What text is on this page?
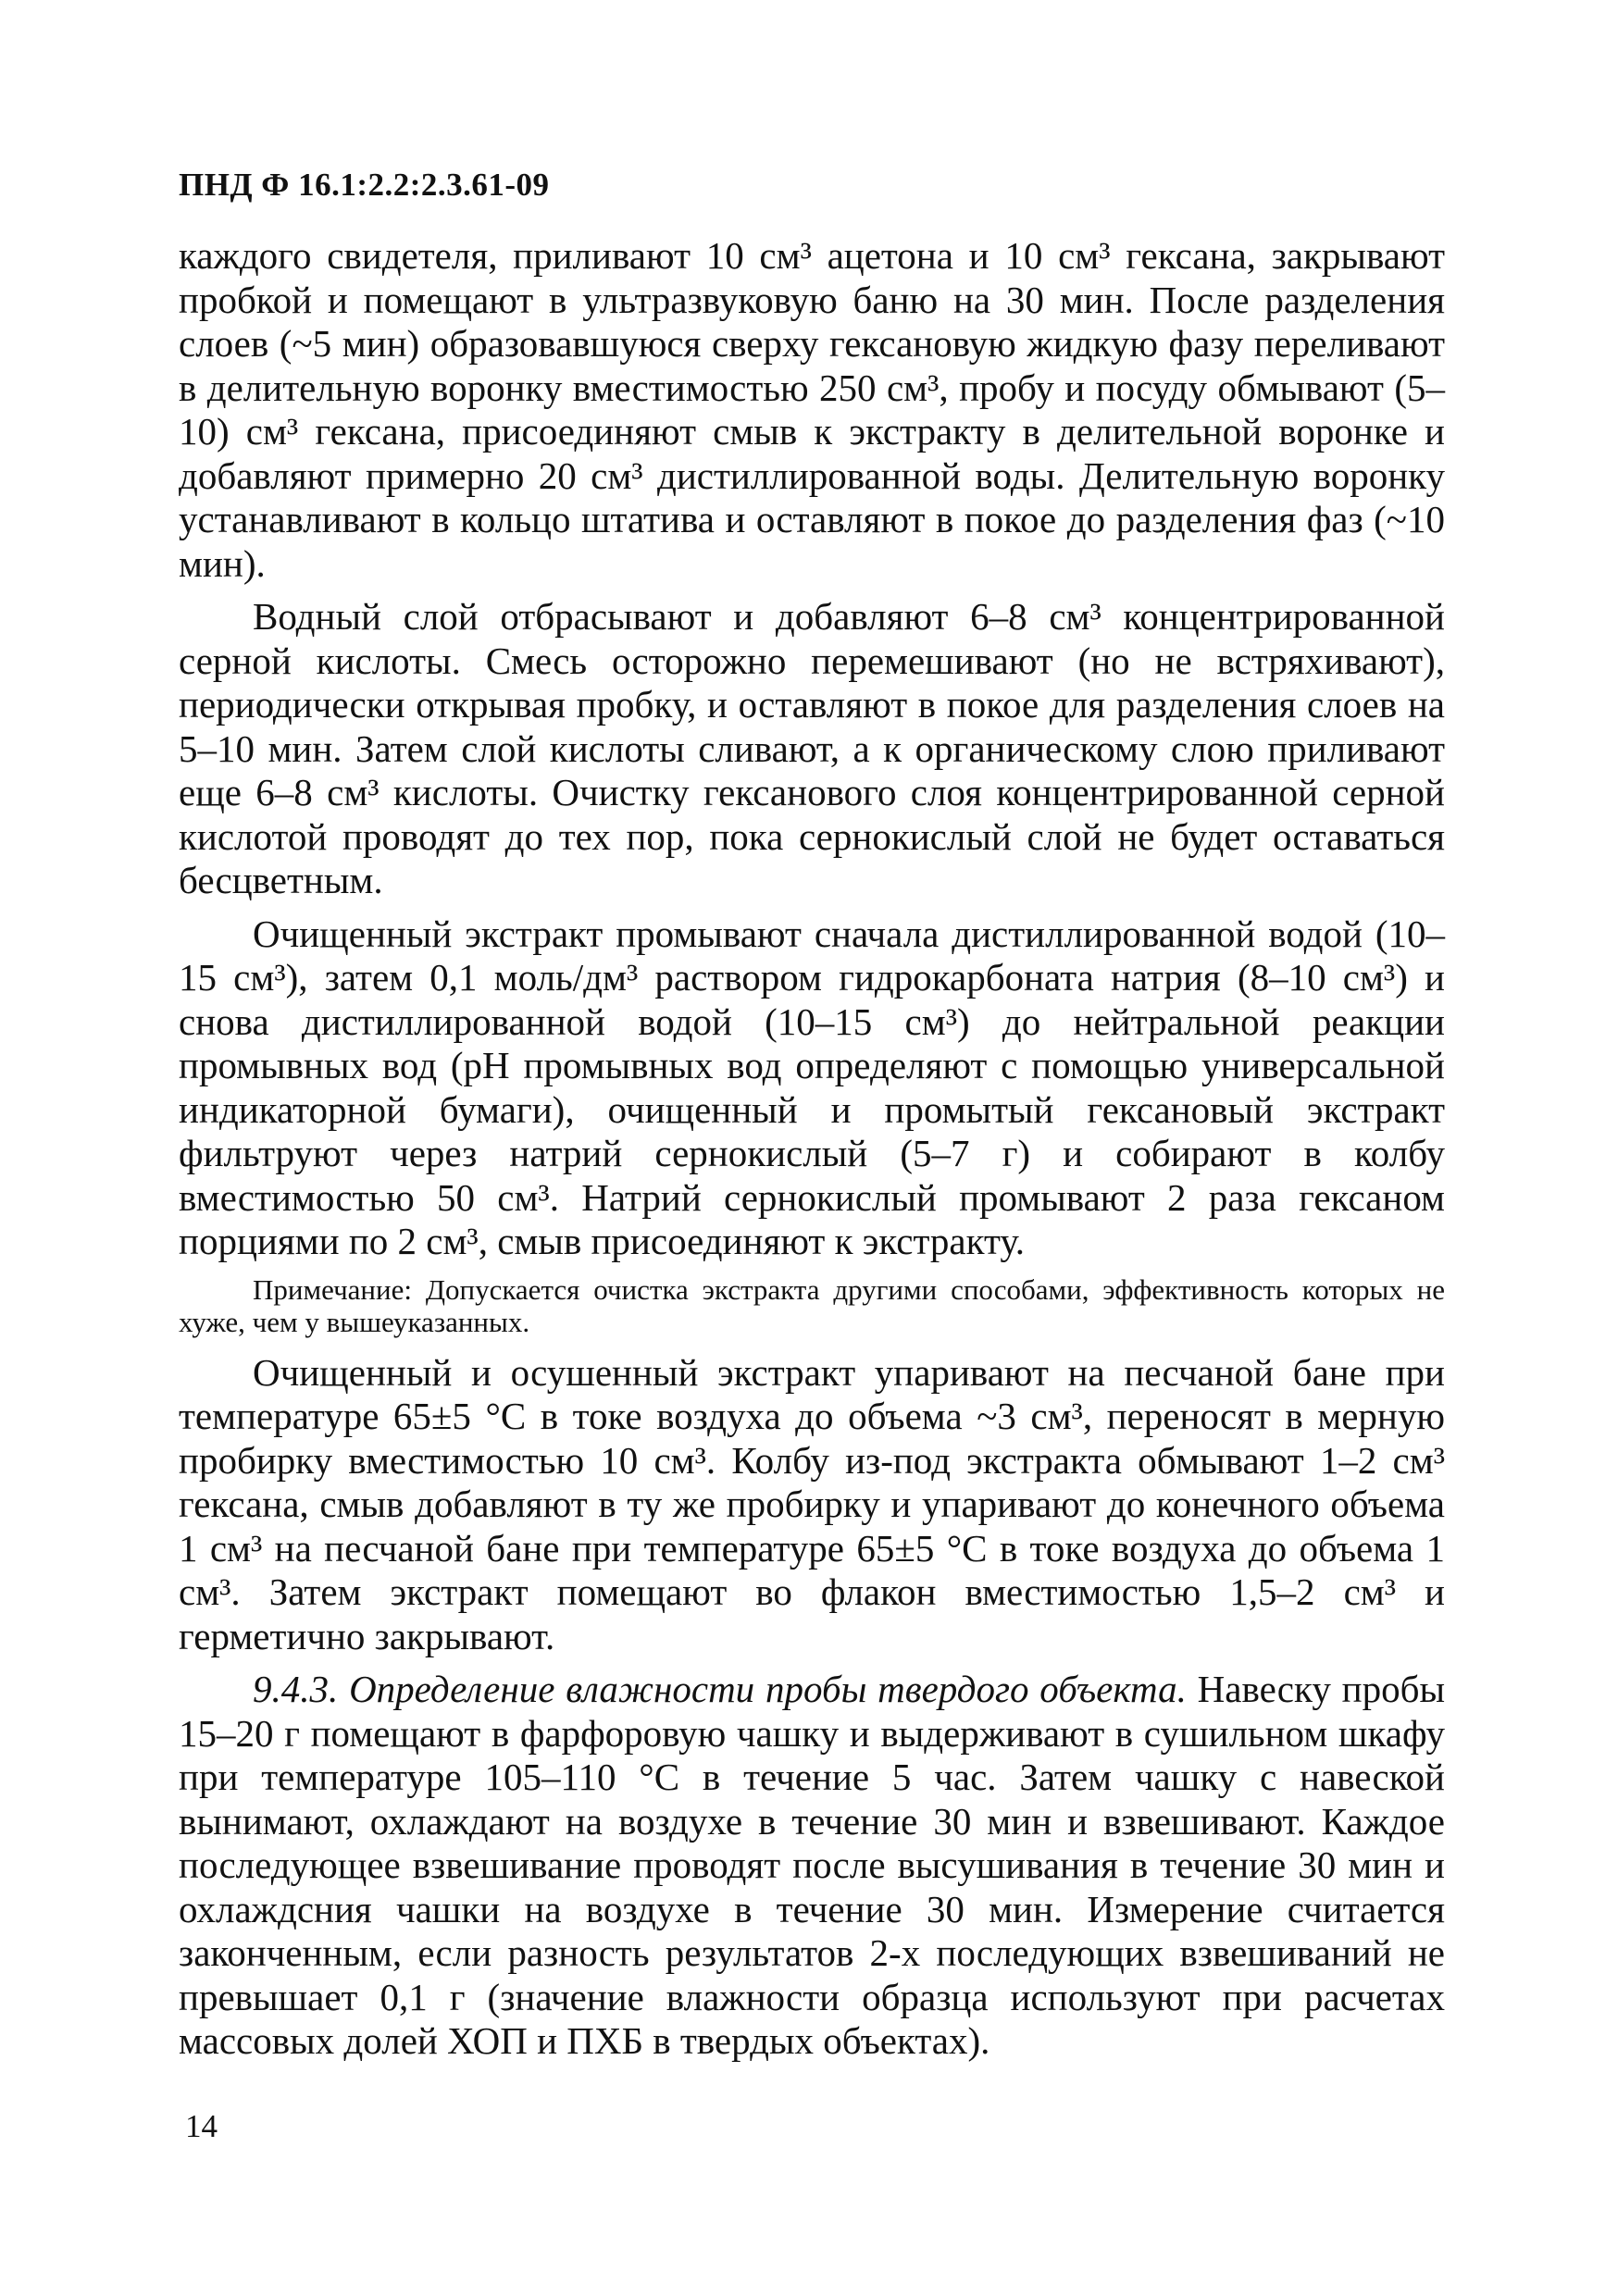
ПНД Ф 16.1:2.2:2.3.61-09

каждого свидетеля, приливают 10 см³ ацетона и 10 см³ гексана, закрывают пробкой и помещают в ультразвуковую баню на 30 мин. После разделения слоев (~5 мин) образовавшуюся сверху гексановую жидкую фазу переливают в делительную воронку вместимостью 250 см³, пробу и посуду обмывают (5–10) см³ гексана, присоединяют смыв к экстракту в делительной воронке и добавляют примерно 20 см³ дистиллированной воды. Делительную воронку устанавливают в кольцо штатива и оставляют в покое до разделения фаз (~10 мин).

Водный слой отбрасывают и добавляют 6–8 см³ концентрированной серной кислоты. Смесь осторожно перемешивают (но не встряхивают), периодически открывая пробку, и оставляют в покое для разделения слоев на 5–10 мин. Затем слой кислоты сливают, а к органическому слою приливают еще 6–8 см³ кислоты. Очистку гексанового слоя концентрированной серной кислотой проводят до тех пор, пока сернокислый слой не будет оставаться бесцветным.

Очищенный экстракт промывают сначала дистиллированной водой (10–15 см³), затем 0,1 моль/дм³ раствором гидрокарбоната натрия (8–10 см³) и снова дистиллированной водой (10–15 см³) до нейтральной реакции промывных вод (pH промывных вод определяют с помощью универсальной индикаторной бумаги), очищенный и промытый гексановый экстракт фильтруют через натрий сернокислый (5–7 г) и собирают в колбу вместимостью 50 см³. Натрий сернокислый промывают 2 раза гексаном порциями по 2 см³, смыв присоединяют к экстракту.

Примечание: Допускается очистка экстракта другими способами, эффективность которых не хуже, чем у вышеуказанных.

Очищенный и осушенный экстракт упаривают на песчаной бане при температуре 65±5 °С в токе воздуха до объема ~3 см³, переносят в мерную пробирку вместимостью 10 см³. Колбу из-под экстракта обмывают 1–2 см³ гексана, смыв добавляют в ту же пробирку и упаривают до конечного объема 1 см³ на песчаной бане при температуре 65±5 °С в токе воздуха до объема 1 см³. Затем экстракт помещают во флакон вместимостью 1,5–2 см³ и герметично закрывают.

9.4.3. Определение влажности пробы твердого объекта. Навеску пробы 15–20 г помещают в фарфоровую чашку и выдерживают в сушильном шкафу при температуре 105–110 °С в течение 5 час. Затем чашку с навеской вынимают, охлаждают на воздухе в течение 30 мин и взвешивают. Каждое последующее взвешивание проводят после высушивания в течение 30 мин и охлаждсния чашки на воздухе в течение 30 мин. Измерение считается законченным, если разность результатов 2-х последующих взвешиваний не превышает 0,1 г (значение влажности образца используют при расчетах массовых долей ХОП и ПХБ в твердых объектах).

14
